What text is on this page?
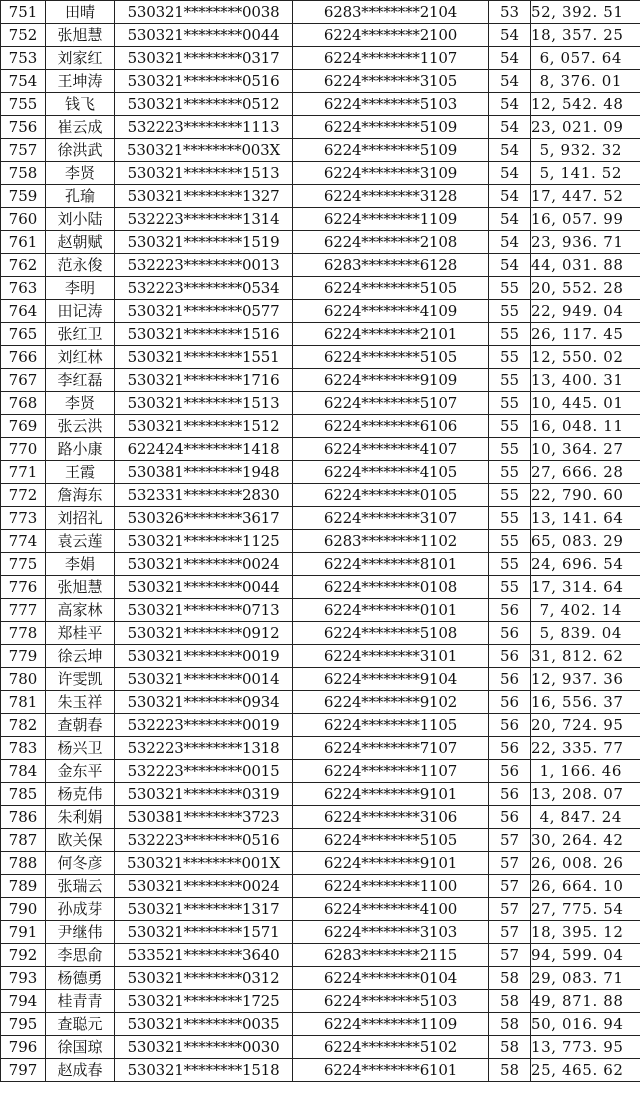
751	田晴	530321********0038	6283********2104	53	52, 392. 51
752	张旭慧	530321********0044	6224********2100	54	18, 357. 25
753	刘家红	530321********0317	6224********1107	54	6, 057. 64
754	王坤涛	530321********0516	6224********3105	54	8, 376. 01
755	钱飞	530321********0512	6224********5103	54	12, 542. 48
756	崔云成	532223********1113	6224********5109	54	23, 021. 09
757	徐洪武	530321********003X	6224********5109	54	5, 932. 32
758	李贤	530321********1513	6224********3109	54	5, 141. 52
759	孔瑜	530321********1327	6224********3128	54	17, 447. 52
760	刘小陆	532223********1314	6224********1109	54	16, 057. 99
761	赵朝赋	530321********1519	6224********2108	54	23, 936. 71
762	范永俊	532223********0013	6283********6128	54	44, 031. 88
763	李明	532223********0534	6224********5105	55	20, 552. 28
764	田记涛	530321********0577	6224********4109	55	22, 949. 04
765	张红卫	530321********1516	6224********2101	55	26, 117. 45
766	刘红林	530321********1551	6224********5105	55	12, 550. 02
767	李红磊	530321********1716	6224********9109	55	13, 400. 31
768	李贤	530321********1513	6224********5107	55	10, 445. 01
769	张云洪	530321********1512	6224********6106	55	16, 048. 11
770	路小康	622424********1418	6224********4107	55	10, 364. 27
771	王霞	530381********1948	6224********4105	55	27, 666. 28
772	詹海东	532331********2830	6224********0105	55	22, 790. 60
773	刘招礼	530326********3617	6224********3107	55	13, 141. 64
774	袁云莲	530321********1125	6283********1102	55	65, 083. 29
775	李娟	530321********0024	6224********8101	55	24, 696. 54
776	张旭慧	530321********0044	6224********0108	55	17, 314. 64
777	高家林	530321********0713	6224********0101	56	7, 402. 14
778	郑桂平	530321********0912	6224********5108	56	5, 839. 04
779	徐云坤	530321********0019	6224********3101	56	31, 812. 62
780	许雯凯	530321********0014	6224********9104	56	12, 937. 36
781	朱玉祥	530321********0934	6224********9102	56	16, 556. 37
782	查朝春	532223********0019	6224********1105	56	20, 724. 95
783	杨兴卫	532223********1318	6224********7107	56	22, 335. 77
784	金东平	532223********0015	6224********1107	56	1, 166. 46
785	杨克伟	530321********0319	6224********9101	56	13, 208. 07
786	朱利娟	530381********3723	6224********3106	56	4, 847. 24
787	欧关保	532223********0516	6224********5105	57	30, 264. 42
788	何冬彦	530321********001X	6224********9101	57	26, 008. 26
789	张瑞云	530321********0024	6224********1100	57	26, 664. 10
790	孙成芽	530321********1317	6224********4100	57	27, 775. 54
791	尹继伟	530321********1571	6224********3103	57	18, 395. 12
792	李思俞	533521********3640	6283********2115	57	94, 599. 04
793	杨德勇	530321********0312	6224********0104	58	29, 083. 71
794	桂青青	530321********1725	6224********5103	58	49, 871. 88
795	查聪元	530321********0035	6224********1109	58	50, 016. 94
796	徐国琼	530321********0030	6224********5102	58	13, 773. 95
797	赵成春	530321********1518	6224********6101	58	25, 465. 62
